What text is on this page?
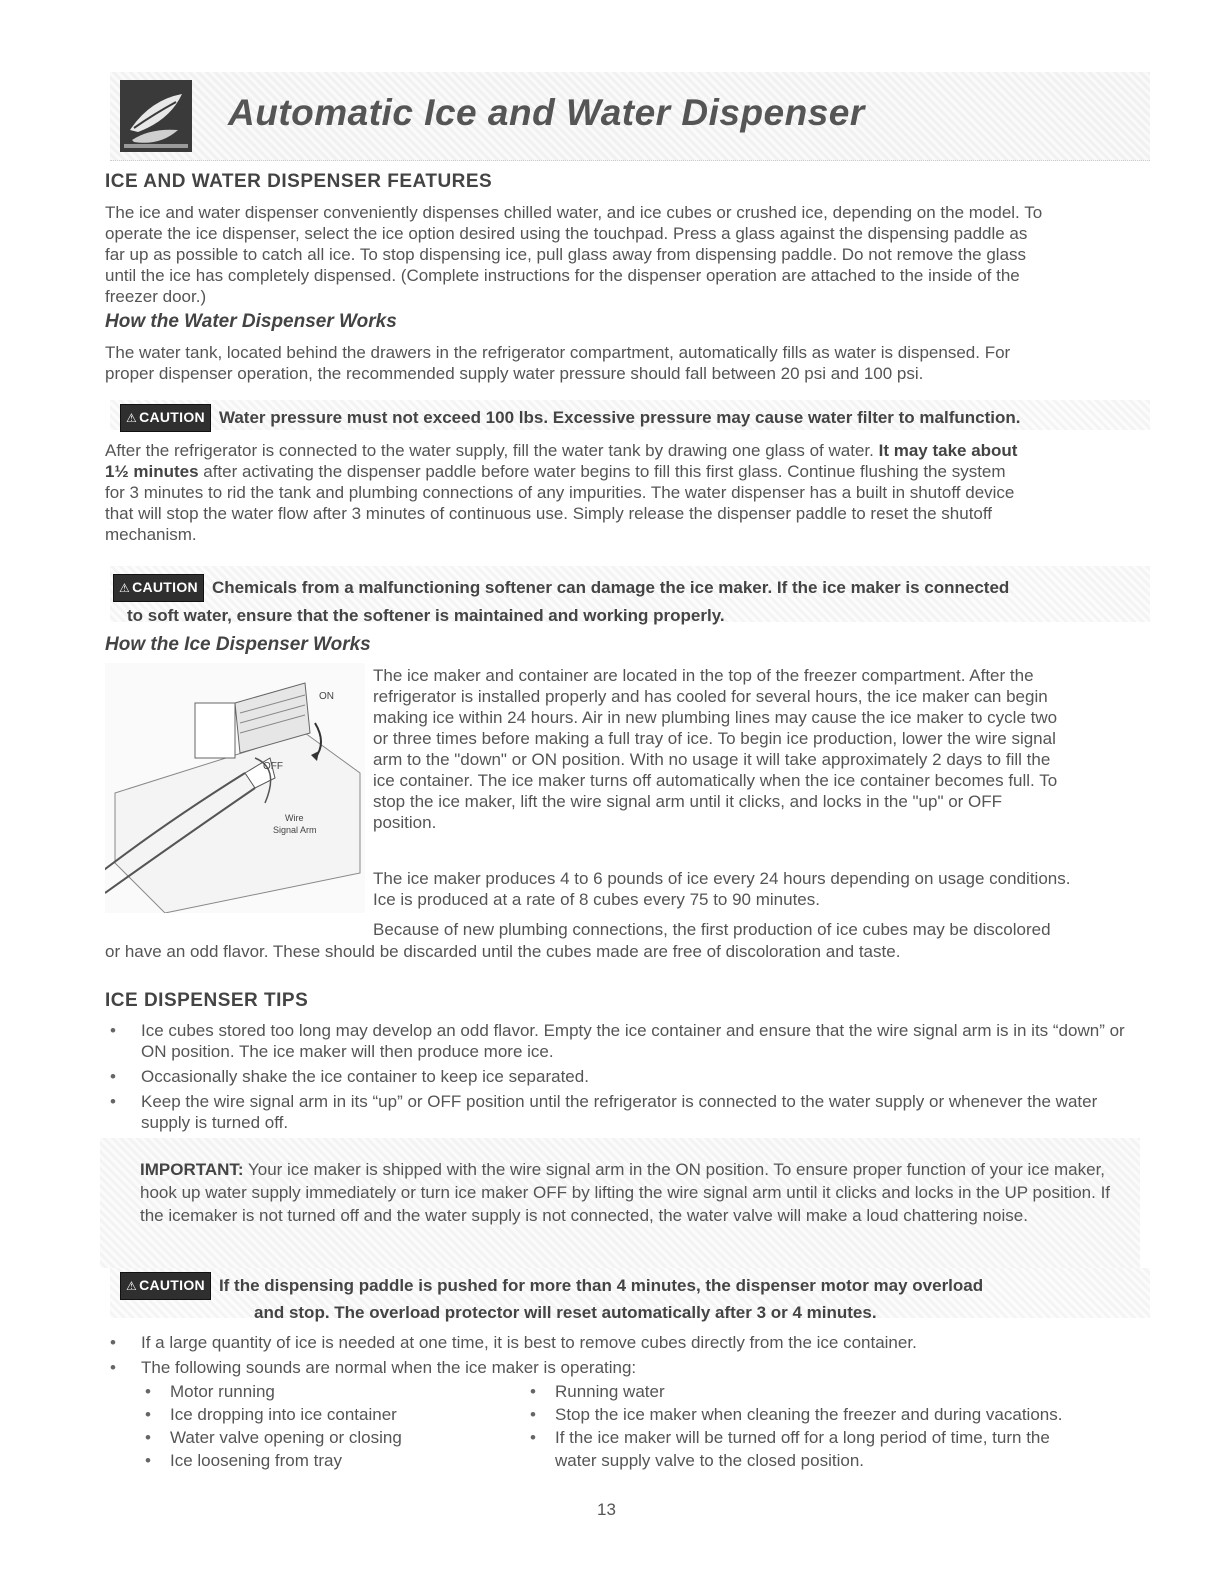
Automatic Ice and Water Dispenser
ICE AND WATER DISPENSER FEATURES
The ice and water dispenser conveniently dispenses chilled water, and ice cubes or crushed ice, depending on the model. To
operate the ice dispenser, select the ice option desired using the touchpad. Press a glass against the dispensing paddle as
far up as possible to catch all ice. To stop dispensing ice, pull glass away from dispensing paddle. Do not remove the glass
until the ice has completely dispensed. (Complete instructions for the dispenser operation are attached to the inside of the
freezer door.)
How the Water Dispenser Works
The water tank, located behind the drawers in the refrigerator compartment, automatically fills as water is dispensed. For
proper dispenser operation, the recommended supply water pressure should fall between 20 psi and 100 psi.
⚠ CAUTION Water pressure must not exceed 100 lbs. Excessive pressure may cause water filter to malfunction.
After the refrigerator is connected to the water supply, fill the water tank by drawing one glass of water. It may take about
1½ minutes after activating the dispenser paddle before water begins to fill this first glass. Continue flushing the system
for 3 minutes to rid the tank and plumbing connections of any impurities. The water dispenser has a built in shutoff device
that will stop the water flow after 3 minutes of continuous use. Simply release the dispenser paddle to reset the shutoff
mechanism.
⚠ CAUTION Chemicals from a malfunctioning softener can damage the ice maker. If the ice maker is connected
to soft water, ensure that the softener is maintained and working properly.
How the Ice Dispenser Works
ON
OFF
Wire
Signal Arm
The ice maker and container are located in the top of the freezer compartment. After the
refrigerator is installed properly and has cooled for several hours, the ice maker can begin
making ice within 24 hours. Air in new plumbing lines may cause the ice maker to cycle two
or three times before making a full tray of ice. To begin ice production, lower the wire signal
arm to the "down" or ON position. With no usage it will take approximately 2 days to fill the
ice container. The ice maker turns off automatically when the ice container becomes full. To
stop the ice maker, lift the wire signal arm until it clicks, and locks in the "up" or OFF
position.
The ice maker produces 4 to 6 pounds of ice every 24 hours depending on usage conditions.
Ice is produced at a rate of 8 cubes every 75 to 90 minutes.
Because of new plumbing connections, the first production of ice cubes may be discolored
or have an odd flavor. These should be discarded until the cubes made are free of discoloration and taste.
ICE DISPENSER TIPS
• Ice cubes stored too long may develop an odd flavor. Empty the ice container and ensure that the wire signal arm is in its “down” or ON position. The ice maker will then produce more ice.
• Occasionally shake the ice container to keep ice separated.
• Keep the wire signal arm in its “up” or OFF position until the refrigerator is connected to the water supply or whenever the water supply is turned off.

IMPORTANT: Your ice maker is shipped with the wire signal arm in the ON position. To ensure proper function of your ice maker, hook up water supply immediately or turn ice maker OFF by lifting the wire signal arm until it clicks and locks in the UP position. If the icemaker is not turned off and the water supply is not connected, the water valve will make a loud chattering noise.

⚠ CAUTION If the dispensing paddle is pushed for more than 4 minutes, the dispenser motor may overload
and stop. The overload protector will reset automatically after 3 or 4 minutes.
• If a large quantity of ice is needed at one time, it is best to remove cubes directly from the ice container.
• The following sounds are normal when the ice maker is operating:
• Motor running
• Ice dropping into ice container
• Water valve opening or closing
• Ice loosening from tray
• Running water
• Stop the ice maker when cleaning the freezer and during vacations.
• If the ice maker will be turned off for a long period of time, turn the
water supply valve to the closed position.
13
